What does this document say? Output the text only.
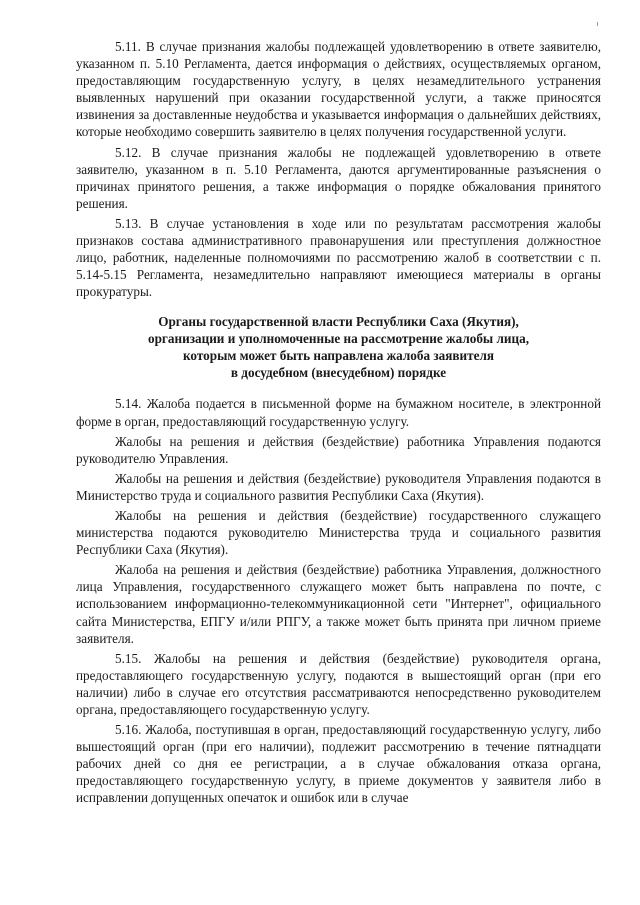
5.11. В случае признания жалобы подлежащей удовлетворению в ответе заявителю, указанном п. 5.10 Регламента, дается информация о действиях, осуществляемых органом, предоставляющим государственную услугу, в целях незамедлительного устранения выявленных нарушений при оказании государственной услуги, а также приносятся извинения за доставленные неудобства и указывается информация о дальнейших действиях, которые необходимо совершить заявителю в целях получения государственной услуги.

5.12. В случае признания жалобы не подлежащей удовлетворению в ответе заявителю, указанном в п. 5.10 Регламента, даются аргументированные разъяснения о причинах принятого решения, а также информация о порядке обжалования принятого решения.

5.13. В случае установления в ходе или по результатам рассмотрения жалобы признаков состава административного правонарушения или преступления должностное лицо, работник, наделенные полномочиями по рассмотрению жалоб в соответствии с п. 5.14-5.15 Регламента, незамедлительно направляют имеющиеся материалы в органы прокуратуры.

Органы государственной власти Республики Саха (Якутия),
организации и уполномоченные на рассмотрение жалобы лица,
которым может быть направлена жалоба заявителя
в досудебном (внесудебном) порядке

5.14. Жалоба подается в письменной форме на бумажном носителе, в электронной форме в орган, предоставляющий государственную услугу.

Жалобы на решения и действия (бездействие) работника Управления подаются руководителю Управления.

Жалобы на решения и действия (бездействие) руководителя Управления подаются в Министерство труда и социального развития Республики Саха (Якутия).

Жалобы на решения и действия (бездействие) государственного служащего министерства подаются руководителю Министерства труда и социального развития Республики Саха (Якутия).

Жалоба на решения и действия (бездействие) работника Управления, должностного лица Управления, государственного служащего может быть направлена по почте, с использованием информационно-телекоммуникационной сети "Интернет", официального сайта Министерства, ЕПГУ и/или РПГУ, а также может быть принята при личном приеме заявителя.

5.15. Жалобы на решения и действия (бездействие) руководителя органа, предоставляющего государственную услугу, подаются в вышестоящий орган (при его наличии) либо в случае его отсутствия рассматриваются непосредственно руководителем органа, предоставляющего государственную услугу.

5.16. Жалоба, поступившая в орган, предоставляющий государственную услугу, либо вышестоящий орган (при его наличии), подлежит рассмотрению в течение пятнадцати рабочих дней со дня ее регистрации, а в случае обжалования отказа органа, предоставляющего государственную услугу, в приеме документов у заявителя либо в исправлении допущенных опечаток и ошибок или в случае
